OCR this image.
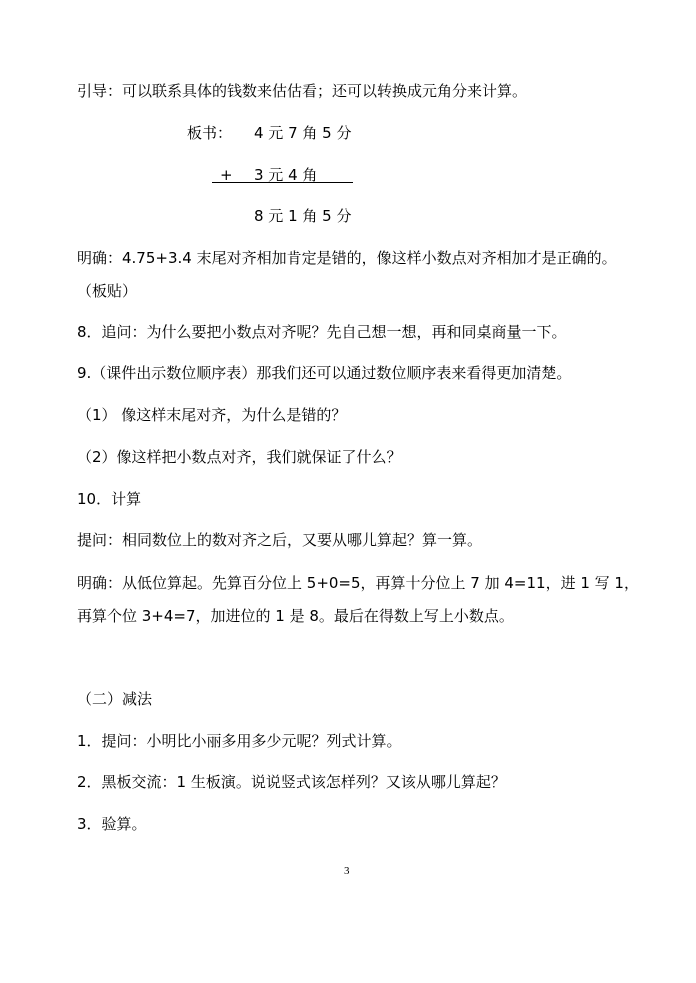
引导：可以联系具体的钱数来估估看；还可以转换成元角分来计算。
板书： 4 元 7 角 5 分
+ 3 元 4 角
8 元 1 角 5 分
明确：4.75+3.4 末尾对齐相加肯定是错的，像这样小数点对齐相加才是正确的。
（板贴）
8．追问：为什么要把小数点对齐呢？先自己想一想，再和同桌商量一下。
9.（课件出示数位顺序表）那我们还可以通过数位顺序表来看得更加清楚。
（1） 像这样末尾对齐，为什么是错的？
（2）像这样把小数点对齐，我们就保证了什么？
10．计算
提问：相同数位上的数对齐之后，又要从哪儿算起？算一算。
明确：从低位算起。先算百分位上 5+0=5，再算十分位上 7 加 4=11，进 1 写 1，
再算个位 3+4=7，加进位的 1 是 8。最后在得数上写上小数点。
（二）减法
1．提问：小明比小丽多用多少元呢？列式计算。
2．黑板交流：1 生板演。说说竖式该怎样列？又该从哪儿算起？
3．验算。
3
